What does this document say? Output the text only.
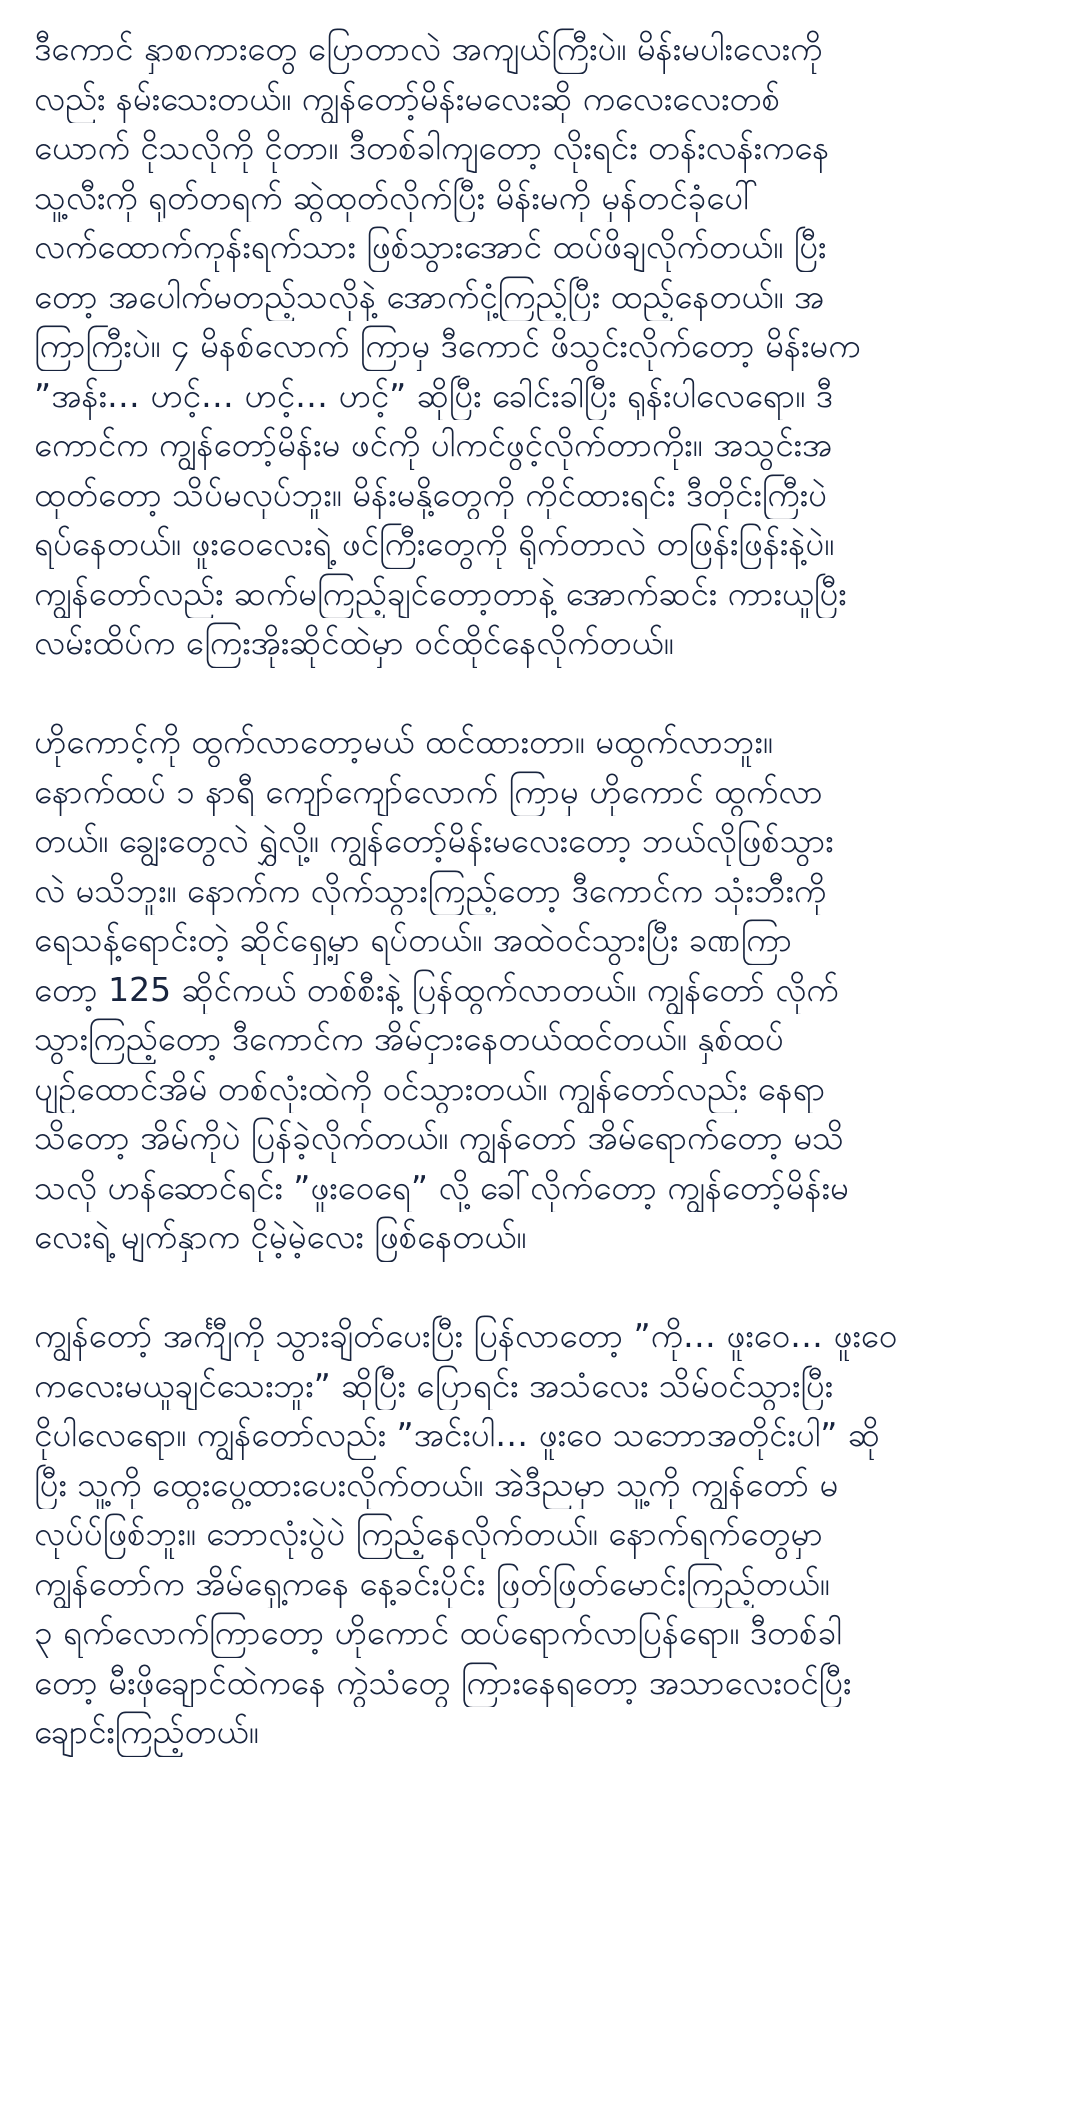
ဒီကောင် နှာစကားတွေ ပြောတာလဲ အကျယ်ကြီးပဲ။ မိန်းမပါးလေးကို
လည်း နမ်းသေးတယ်။ ကျွန်တော့်မိန်းမလေးဆို ကလေးလေးတစ်
ယောက် ငိုသလိုကို ငိုတာ။ ဒီတစ်ခါကျတော့ လိုးရင်း တန်းလန်းကနေ
သူ့လီးကို ရုတ်တရက် ဆွဲထုတ်လိုက်ပြီး မိန်းမကို မှန်တင်ခုံပေါ်
လက်ထောက်ကုန်းရက်သား ဖြစ်သွားအောင် ထပ်ဖိချလိုက်တယ်။ ပြီး
တော့ အပေါက်မတည့်သလိုနဲ့ အောက်ငုံ့ကြည့်ပြီး ထည့်နေတယ်။ အ
ကြာကြီးပဲ။ ၄ မိနစ်လောက် ကြာမှ ဒီကောင် ဖိသွင်းလိုက်တော့ မိန်းမက
”အန်း… ဟင့်… ဟင့်… ဟင့်” ဆိုပြီး ခေါင်းခါပြီး ရုန်းပါလေရော။ ဒီ
ကောင်က ကျွန်တော့်မိန်းမ ဖင်ကို ပါကင်ဖွင့်လိုက်တာကိုး။ အသွင်းအ
ထုတ်တော့ သိပ်မလုပ်ဘူး။ မိန်းမနို့တွေကို ကိုင်ထားရင်း ဒီတိုင်းကြီးပဲ
ရပ်နေတယ်။ ဖူးဝေလေးရဲ့ ဖင်ကြီးတွေကို ရိုက်တာလဲ တဖြန်းဖြန်းနဲ့ပဲ။
ကျွန်တော်လည်း ဆက်မကြည့်ချင်တော့တာနဲ့ အောက်ဆင်း ကားယူပြီး
လမ်းထိပ်က ကြေးအိုးဆိုင်ထဲမှာ ဝင်ထိုင်နေလိုက်တယ်။
ဟိုကောင့်ကို ထွက်လာတော့မယ် ထင်ထားတာ။ မထွက်လာဘူး။
နောက်ထပ် ၁ နာရီ ကျော်ကျော်လောက် ကြာမှ ဟိုကောင် ထွက်လာ
တယ်။ ချွေးတွေလဲ ရွှဲလို့။ ကျွန်တော့်မိန်းမလေးတော့ ဘယ်လိုဖြစ်သွား
လဲ မသိဘူး။ နောက်က လိုက်သွားကြည့်တော့ ဒီကောင်က သုံးဘီးကို
ရေသန့်ရောင်းတဲ့ ဆိုင်ရှေ့မှာ ရပ်တယ်။ အထဲဝင်သွားပြီး ခဏကြာ
တော့ 125 ဆိုင်ကယ် တစ်စီးနဲ့ ပြန်ထွက်လာတယ်။ ကျွန်တော် လိုက်
သွားကြည့်တော့ ဒီကောင်က အိမ်ငှားနေတယ်ထင်တယ်။ နှစ်ထပ်
ပျဉ်ထောင်အိမ် တစ်လုံးထဲကို ဝင်သွားတယ်။ ကျွန်တော်လည်း နေရာ
သိတော့ အိမ်ကိုပဲ ပြန်ခဲ့လိုက်တယ်။ ကျွန်တော် အိမ်ရောက်တော့ မသိ
သလို ဟန်ဆောင်ရင်း ”ဖူးဝေရေ” လို့ ခေါ်လိုက်တော့ ကျွန်တော့်မိန်းမ
လေးရဲ့ မျက်နှာက ငိုမဲ့မဲ့လေး ဖြစ်နေတယ်။
ကျွန်တော့် အင်္ကျီကို သွားချိတ်ပေးပြီး ပြန်လာတော့ ”ကို… ဖူးဝေ… ဖူးဝေ
ကလေးမယူချင်သေးဘူး” ဆိုပြီး ပြောရင်း အသံလေး သိမ်ဝင်သွားပြီး
ငိုပါလေရော။ ကျွန်တော်လည်း ”အင်းပါ… ဖူးဝေ သဘောအတိုင်းပါ” ဆို
ပြီး သူ့ကို ထွေးပွေ့ထားပေးလိုက်တယ်။ အဲဒီညမှာ သူ့ကို ကျွန်တော် မ
လုပ်ပ်ဖြစ်ဘူး။ ဘောလုံးပွဲပဲ ကြည့်နေလိုက်တယ်။ နောက်ရက်တွေမှာ
ကျွန်တော်က အိမ်ရှေ့ကနေ နေ့ခင်းပိုင်း ဖြတ်ဖြတ်မောင်းကြည့်တယ်။
၃ ရက်လောက်ကြာတော့ ဟိုကောင် ထပ်ရောက်လာပြန်ရော။ ဒီတစ်ခါ
တော့ မီးဖိုချောင်ထဲကနေ ကွဲသံတွေ ကြားနေရတော့ အသာလေးဝင်ပြီး
ချောင်းကြည့်တယ်။
